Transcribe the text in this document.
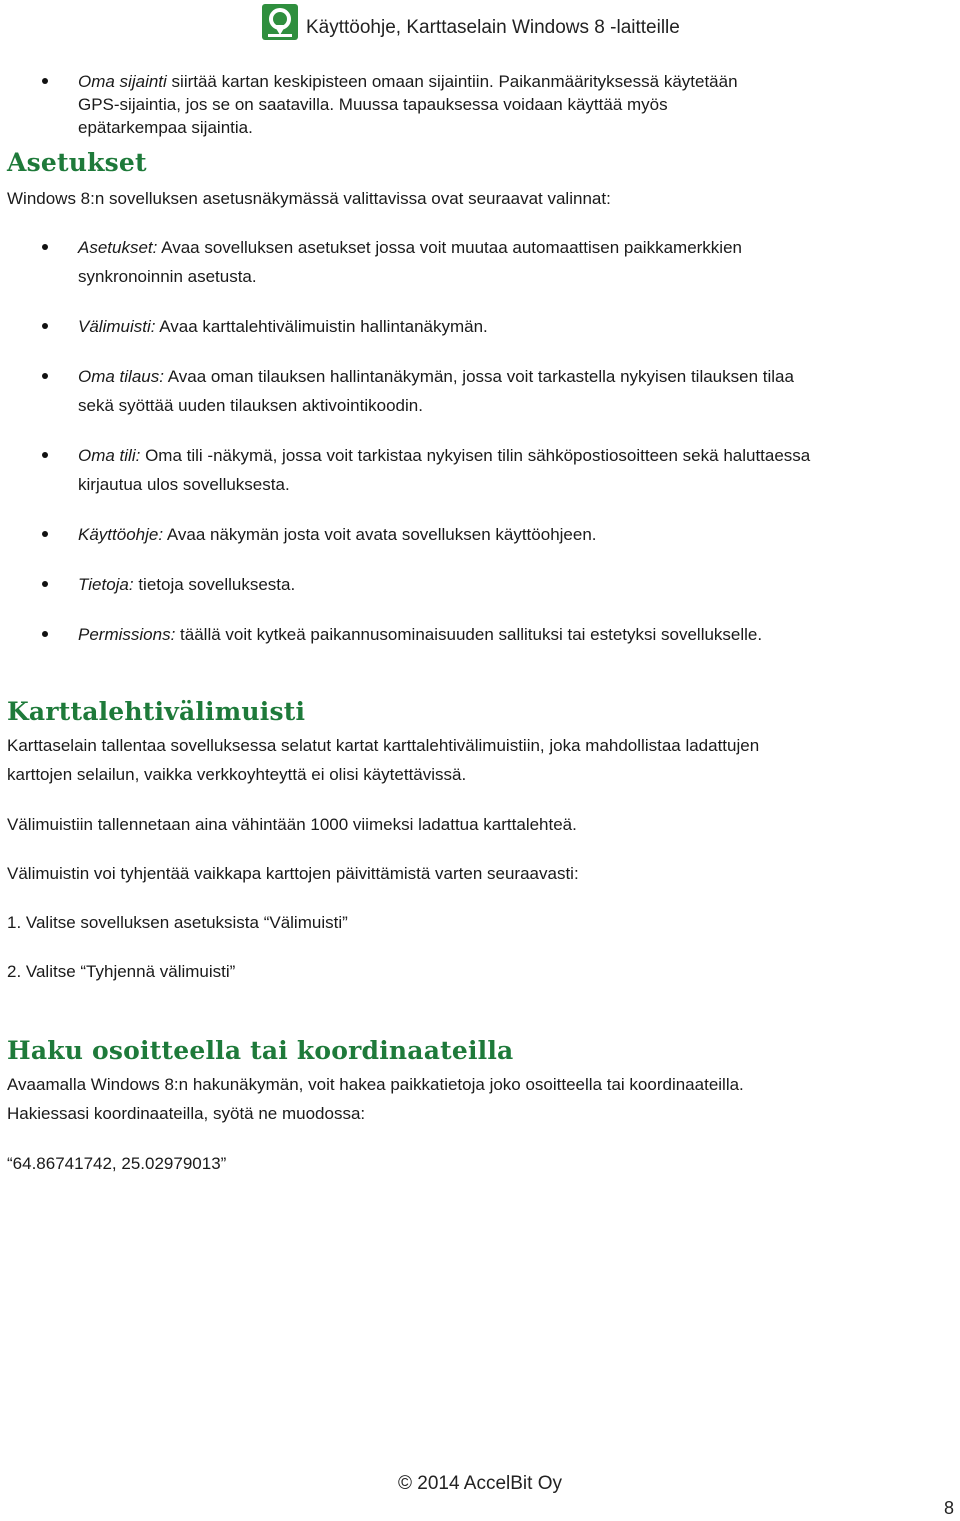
Käyttöohje, Karttaselain Windows 8 -laitteille
Oma sijainti siirtää kartan keskipisteen omaan sijaintiin. Paikanmäärityksessä käytetään
GPS-sijaintia, jos se on saatavilla. Muussa tapauksessa voidaan käyttää myös
epätarkempaa sijaintia.
Asetukset
Windows 8:n sovelluksen asetusnäkymässä valittavissa ovat seuraavat valinnat:
Asetukset: Avaa sovelluksen asetukset jossa voit muutaa automaattisen paikkamerkkien
synkronoinnin asetusta.
Välimuisti: Avaa karttalehtivälimuistin hallintanäkymän.
Oma tilaus: Avaa oman tilauksen hallintanäkymän, jossa voit tarkastella nykyisen tilauksen tilaa
sekä syöttää uuden tilauksen aktivointikoodin.
Oma tili: Oma tili -näkymä, jossa voit tarkistaa nykyisen tilin sähköpostiosoitteen sekä haluttaessa
kirjautua ulos sovelluksesta.
Käyttöohje: Avaa näkymän josta voit avata sovelluksen käyttöohjeen.
Tietoja: tietoja sovelluksesta.
Permissions: täällä voit kytkeä paikannusominaisuuden sallituksi tai estetyksi sovellukselle.
Karttalehtivälimuisti
Karttaselain tallentaa sovelluksessa selatut kartat karttalehtivälimuistiin, joka mahdollistaa ladattujen
karttojen selailun, vaikka verkkoyhteyttä ei olisi käytettävissä.
Välimuistiin tallennetaan aina vähintään 1000 viimeksi ladattua karttalehteä.
Välimuistin voi tyhjentää vaikkapa karttojen päivittämistä varten seuraavasti:
1. Valitse sovelluksen asetuksista “Välimuisti”
2. Valitse “Tyhjennä välimuisti”
Haku osoitteella tai koordinaateilla
Avaamalla Windows 8:n hakunäkymän, voit hakea paikkatietoja joko osoitteella tai koordinaateilla.
Hakiessasi koordinaateilla, syötä ne muodossa:
“64.86741742, 25.02979013”
© 2014 AccelBit Oy
8
